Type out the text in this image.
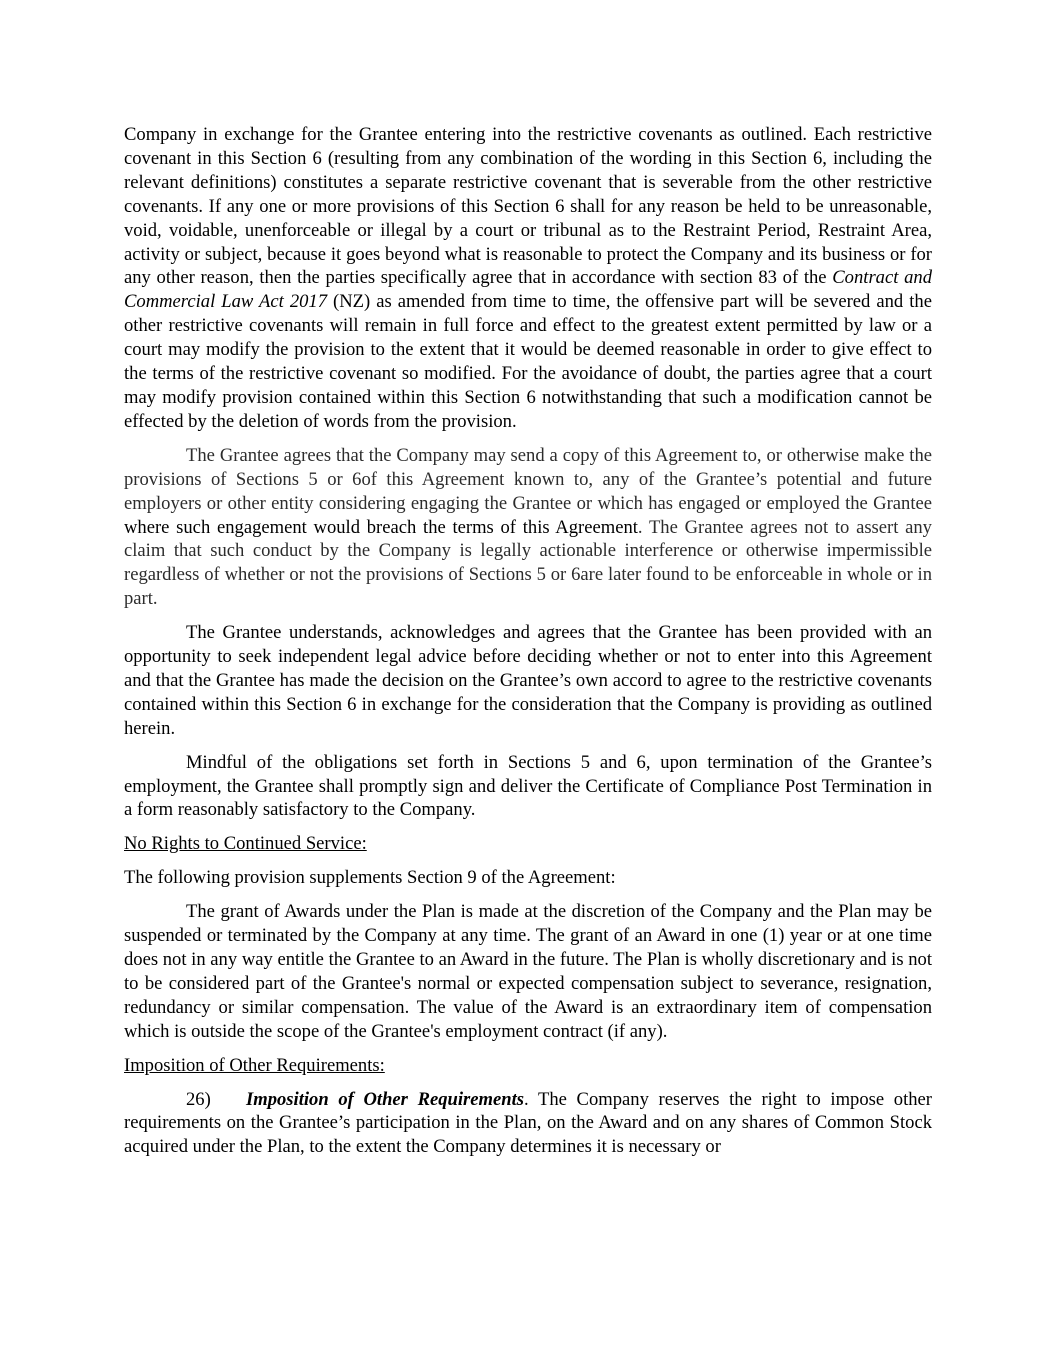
Company in exchange for the Grantee entering into the restrictive covenants as outlined. Each restrictive covenant in this Section 6 (resulting from any combination of the wording in this Section 6, including the relevant definitions) constitutes a separate restrictive covenant that is severable from the other restrictive covenants. If any one or more provisions of this Section 6 shall for any reason be held to be unreasonable, void, voidable, unenforceable or illegal by a court or tribunal as to the Restraint Period, Restraint Area, activity or subject, because it goes beyond what is reasonable to protect the Company and its business or for any other reason, then the parties specifically agree that in accordance with section 83 of the Contract and Commercial Law Act 2017 (NZ) as amended from time to time, the offensive part will be severed and the other restrictive covenants will remain in full force and effect to the greatest extent permitted by law or a court may modify the provision to the extent that it would be deemed reasonable in order to give effect to the terms of the restrictive covenant so modified. For the avoidance of doubt, the parties agree that a court may modify provision contained within this Section 6 notwithstanding that such a modification cannot be effected by the deletion of words from the provision.

The Grantee agrees that the Company may send a copy of this Agreement to, or otherwise make the provisions of Sections 5 or 6of this Agreement known to, any of the Grantee’s potential and future employers or other entity considering engaging the Grantee or which has engaged or employed the Grantee where such engagement would breach the terms of this Agreement. The Grantee agrees not to assert any claim that such conduct by the Company is legally actionable interference or otherwise impermissible regardless of whether or not the provisions of Sections 5 or 6are later found to be enforceable in whole or in part.

The Grantee understands, acknowledges and agrees that the Grantee has been provided with an opportunity to seek independent legal advice before deciding whether or not to enter into this Agreement and that the Grantee has made the decision on the Grantee’s own accord to agree to the restrictive covenants contained within this Section 6 in exchange for the consideration that the Company is providing as outlined herein.

Mindful of the obligations set forth in Sections 5 and 6, upon termination of the Grantee’s employment, the Grantee shall promptly sign and deliver the Certificate of Compliance Post Termination in a form reasonably satisfactory to the Company.

No Rights to Continued Service:

The following provision supplements Section 9 of the Agreement:

The grant of Awards under the Plan is made at the discretion of the Company and the Plan may be suspended or terminated by the Company at any time. The grant of an Award in one (1) year or at one time does not in any way entitle the Grantee to an Award in the future. The Plan is wholly discretionary and is not to be considered part of the Grantee's normal or expected compensation subject to severance, resignation, redundancy or similar compensation. The value of the Award is an extraordinary item of compensation which is outside the scope of the Grantee's employment contract (if any).

Imposition of Other Requirements:

26) Imposition of Other Requirements. The Company reserves the right to impose other requirements on the Grantee’s participation in the Plan, on the Award and on any shares of Common Stock acquired under the Plan, to the extent the Company determines it is necessary or
